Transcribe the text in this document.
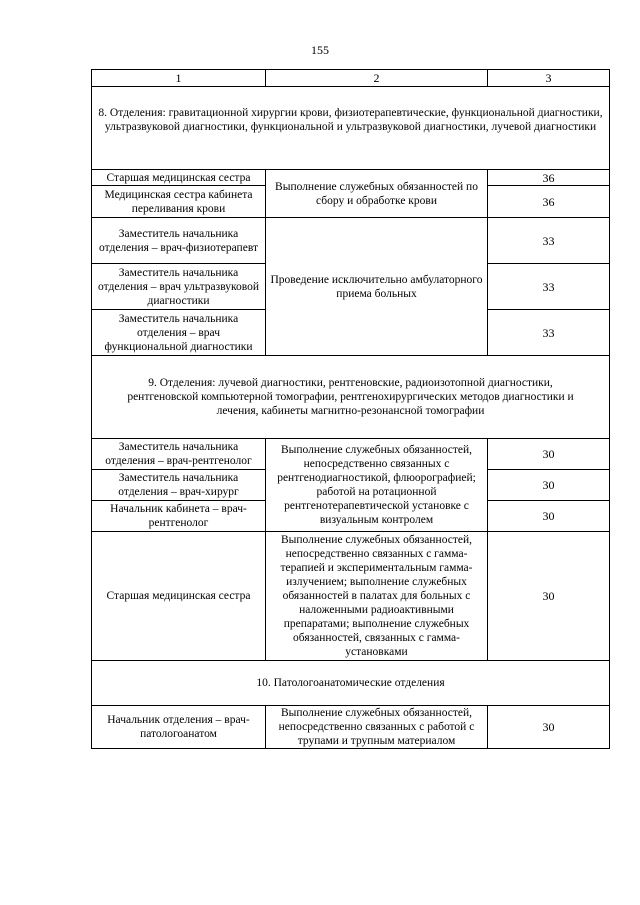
155
1	2	3
8. Отделения: гравитационной хирургии крови, физиотерапевтические, функциональной диагностики, ультразвуковой диагностики, функциональной и ультразвуковой диагностики, лучевой диагностики		
Старшая медицинская сестра	Выполнение служебных обязанностей по сбору и обработке крови	36
Медицинская сестра кабинета переливания крови		36
Заместитель начальника отделения – врач-физиотерапевт	Проведение исключительно амбулаторного приема больных	33
Заместитель начальника отделения – врач ультразвуковой диагностики		33
Заместитель начальника отделения – врач функциональной диагностики		33
9. Отделения: лучевой диагностики, рентгеновские, радиоизотопной диагностики, рентгеновской компьютерной томографии, рентгенохирургических методов диагностики и лечения, кабинеты магнитно-резонансной томографии		
Заместитель начальника отделения – врач-рентгенолог	Выполнение служебных обязанностей, непосредственно связанных с рентгенодиагностикой, флюорографией; работой на ротационной рентгенотерапевтической установке с визуальным контролем	30
Заместитель начальника отделения – врач-хирург		30
Начальник кабинета – врач-рентгенолог		30
Старшая медицинская сестра	Выполнение служебных обязанностей, непосредственно связанных с гамма-терапией и экспериментальным гамма-излучением; выполнение служебных обязанностей в палатах для больных с наложенными радиоактивными препаратами; выполнение служебных обязанностей, связанных с гамма-установками	30
10. Патологоанатомические отделения		
Начальник отделения – врач-патологоанатом	Выполнение служебных обязанностей, непосредственно связанных с работой с трупами и трупным материалом	30
